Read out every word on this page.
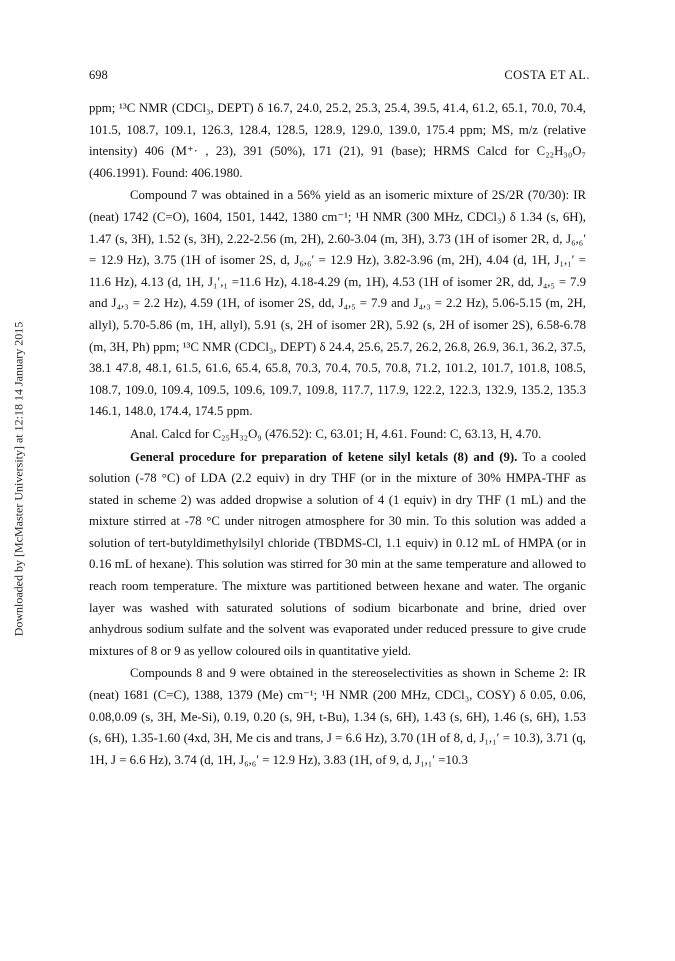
698	COSTA ET AL.
Downloaded by [McMaster University] at 12:18 14 January 2015

ppm; ¹³C NMR (CDCl₃, DEPT) δ 16.7, 24.0, 25.2, 25.3, 25.4, 39.5, 41.4, 61.2, 65.1, 70.0, 70.4, 101.5, 108.7, 109.1, 126.3, 128.4, 128.5, 128.9, 129.0, 139.0, 175.4 ppm; MS, m/z (relative intensity) 406 (M⁺· , 23), 391 (50%), 171 (21), 91 (base); HRMS Calcd for C₂₂H₃₀O₇ (406.1991). Found: 406.1980.

Compound 7 was obtained in a 56% yield as an isomeric mixture of 2S/2R (70/30): IR (neat) 1742 (C=O), 1604, 1501, 1442, 1380 cm⁻¹; ¹H NMR (300 MHz, CDCl₃) δ 1.34 (s, 6H), 1.47 (s, 3H), 1.52 (s, 3H), 2.22-2.56 (m, 2H), 2.60-3.04 (m, 3H), 3.73 (1H of isomer 2R, d, J₆,₆′ = 12.9 Hz), 3.75 (1H of isomer 2S, d, J₆,₆′ = 12.9 Hz), 3.82-3.96 (m, 2H), 4.04 (d, 1H, J₁,₁′ = 11.6 Hz), 4.13 (d, 1H, J₁′,₁ =11.6 Hz), 4.18-4.29 (m, 1H), 4.53 (1H of isomer 2R, dd, J₄,₅ = 7.9 and J₄,₃ = 2.2 Hz), 4.59 (1H, of isomer 2S, dd, J₄,₅ = 7.9 and J₄,₃ = 2.2 Hz), 5.06-5.15 (m, 2H, allyl), 5.70-5.86 (m, 1H, allyl), 5.91 (s, 2H of isomer 2R), 5.92 (s, 2H of isomer 2S), 6.58-6.78 (m, 3H, Ph) ppm; ¹³C NMR (CDCl₃, DEPT) δ 24.4, 25.6, 25.7, 26.2, 26.8, 26.9, 36.1, 36.2, 37.5, 38.1 47.8, 48.1, 61.5, 61.6, 65.4, 65.8, 70.3, 70.4, 70.5, 70.8, 71.2, 101.2, 101.7, 101.8, 108.5, 108.7, 109.0, 109.4, 109.5, 109.6, 109.7, 109.8, 117.7, 117.9, 122.2, 122.3, 132.9, 135.2, 135.3 146.1, 148.0, 174.4, 174.5 ppm.

Anal. Calcd for C₂₅H₃₂O₉ (476.52): C, 63.01; H, 4.61. Found: C, 63.13, H, 4.70.

General procedure for preparation of ketene silyl ketals (8) and (9). To a cooled solution (-78 °C) of LDA (2.2 equiv) in dry THF (or in the mixture of 30% HMPA-THF as stated in scheme 2) was added dropwise a solution of 4 (1 equiv) in dry THF (1 mL) and the mixture stirred at -78 °C under nitrogen atmosphere for 30 min. To this solution was added a solution of tert-butyldimethylsilyl chloride (TBDMS-Cl, 1.1 equiv) in 0.12 mL of HMPA (or in 0.16 mL of hexane). This solution was stirred for 30 min at the same temperature and allowed to reach room temperature. The mixture was partitioned between hexane and water. The organic layer was washed with saturated solutions of sodium bicarbonate and brine, dried over anhydrous sodium sulfate and the solvent was evaporated under reduced pressure to give crude mixtures of 8 or 9 as yellow coloured oils in quantitative yield.

Compounds 8 and 9 were obtained in the stereoselectivities as shown in Scheme 2: IR (neat) 1681 (C=C), 1388, 1379 (Me) cm⁻¹; ¹H NMR (200 MHz, CDCl₃, COSY) δ 0.05, 0.06, 0.08,0.09 (s, 3H, Me-Si), 0.19, 0.20 (s, 9H, t-Bu), 1.34 (s, 6H), 1.43 (s, 6H), 1.46 (s, 6H), 1.53 (s, 6H), 1.35-1.60 (4xd, 3H, Me cis and trans, J = 6.6 Hz), 3.70 (1H of 8, d, J₁,₁′ = 10.3), 3.71 (q, 1H, J = 6.6 Hz), 3.74 (d, 1H, J₆,₆′ = 12.9 Hz), 3.83 (1H, of 9, d, J₁,₁′ =10.3
